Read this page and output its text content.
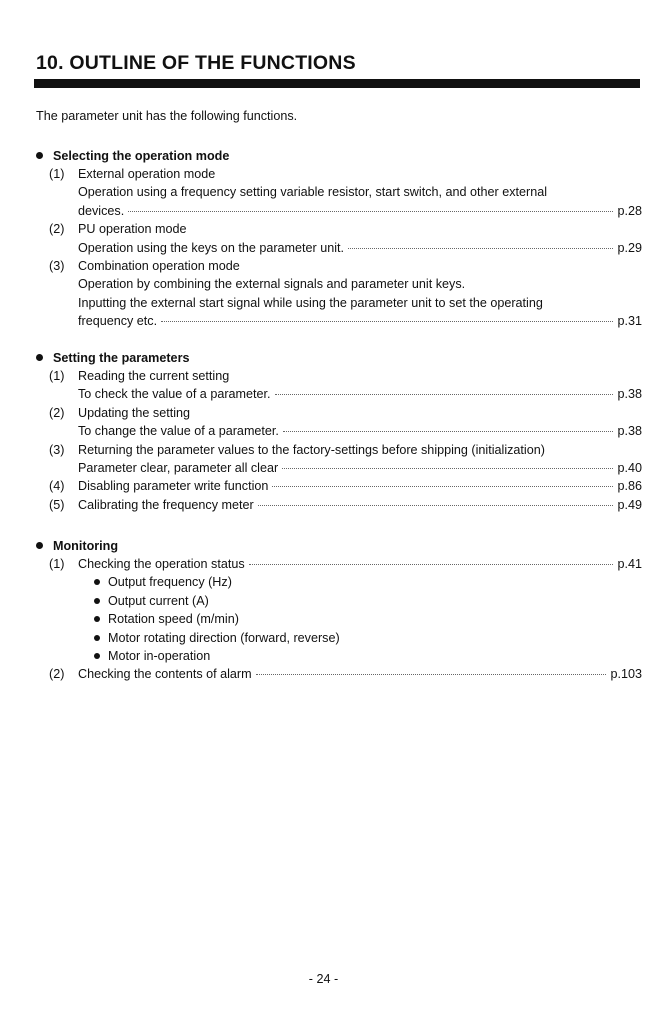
10. OUTLINE OF THE FUNCTIONS
The parameter unit has the following functions.
Selecting the operation mode
(1) External operation mode
Operation using a frequency setting variable resistor, start switch, and other external
devices.	p.28
(2) PU operation mode
Operation using the keys on the parameter unit.	p.29
(3) Combination operation mode
Operation by combining the external signals and parameter unit keys.
Inputting the external start signal while using the parameter unit to set the operating
frequency etc.	p.31
Setting the parameters
(1) Reading the current setting
To check the value of a parameter.	p.38
(2) Updating the setting
To change the value of a parameter.	p.38
(3) Returning the parameter values to the factory-settings before shipping (initialization)
Parameter clear, parameter all clear	p.40
(4) Disabling parameter write function	p.86
(5) Calibrating the frequency meter	p.49
Monitoring
(1) Checking the operation status	p.41
Output frequency (Hz)
Output current (A)
Rotation speed (m/min)
Motor rotating direction (forward, reverse)
Motor in-operation
(2) Checking the contents of alarm	p.103
- 24 -
